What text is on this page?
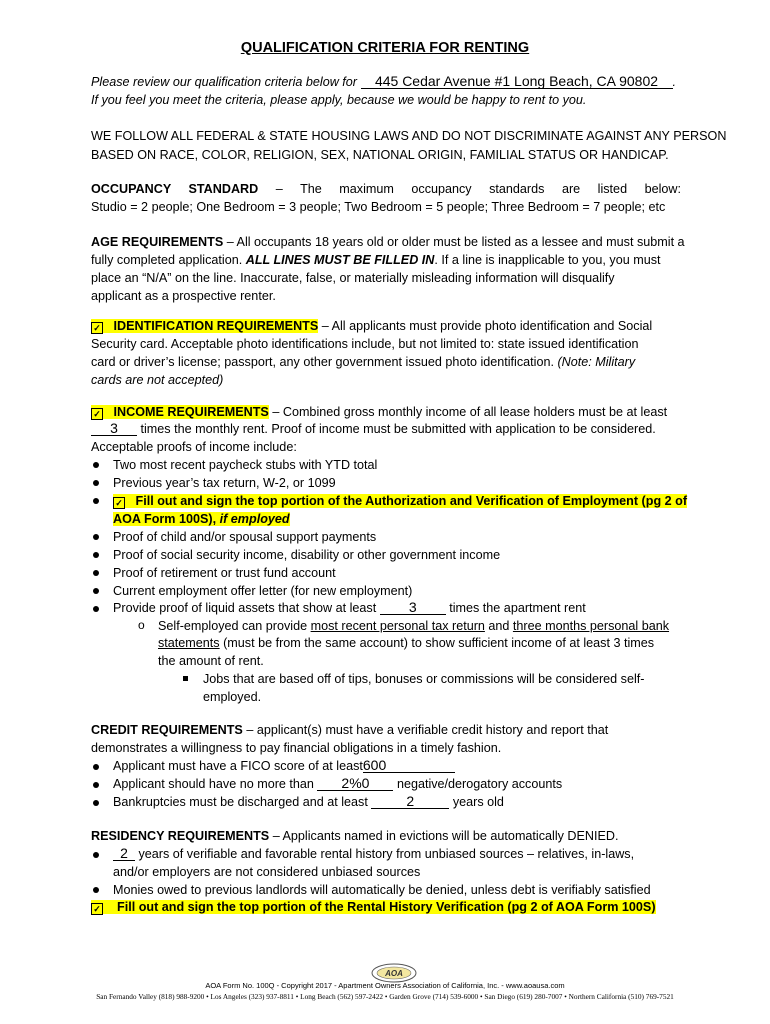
QUALIFICATION CRITERIA FOR RENTING
Please review our qualification criteria below for 445 Cedar Avenue #1 Long Beach, CA 90802 .
If you feel you meet the criteria, please apply, because we would be happy to rent to you.
WE FOLLOW ALL FEDERAL & STATE HOUSING LAWS AND DO NOT DISCRIMINATE AGAINST ANY PERSON
BASED ON RACE, COLOR, RELIGION, SEX, NATIONAL ORIGIN, FAMILIAL STATUS OR HANDICAP.
OCCUPANCY STANDARD – The maximum occupancy standards are listed below:
Studio = 2 people; One Bedroom = 3 people; Two Bedroom = 5 people; Three Bedroom = 7 people; etc
AGE REQUIREMENTS – All occupants 18 years old or older must be listed as a lessee and must submit a
fully completed application. ALL LINES MUST BE FILLED IN. If a line is inapplicable to you, you must
place an “N/A” on the line. Inaccurate, false, or materially misleading information will disqualify
applicant as a prospective renter.
✓ IDENTIFICATION REQUIREMENTS – All applicants must provide photo identification and Social
Security card. Acceptable photo identifications include, but not limited to: state issued identification
card or driver’s license; passport, any other government issued photo identification. (Note: Military
cards are not accepted)
✓ INCOME REQUIREMENTS – Combined gross monthly income of all lease holders must be at least
3 times the monthly rent. Proof of income must be submitted with application to be considered.
Acceptable proofs of income include:
Two most recent paycheck stubs with YTD total
Previous year’s tax return, W-2, or 1099
✓ Fill out and sign the top portion of the Authorization and Verification of Employment (pg 2 of
AOA Form 100S), if employed
Proof of child and/or spousal support payments
Proof of social security income, disability or other government income
Proof of retirement or trust fund account
Current employment offer letter (for new employment)
Provide proof of liquid assets that show at least 3	times the apartment rent
o Self-employed can provide most recent personal tax return and three months personal bank
statements (must be from the same account) to show sufficient income of at least 3 times
the amount of rent.
Jobs that are based off of tips, bonuses or commissions will be considered self-
employed.
CREDIT REQUIREMENTS – applicant(s) must have a verifiable credit history and report that
demonstrates a willingness to pay financial obligations in a timely fashion.
Applicant must have a FICO score of at least600
Applicant should have no more than 2%0 negative/derogatory accounts
Bankruptcies must be discharged and at least	2	years old
RESIDENCY REQUIREMENTS – Applicants named in evictions will be automatically DENIED.
2 years of verifiable and favorable rental history from unbiased sources – relatives, in-laws,
and/or employers are not considered unbiased sources
Monies owed to previous landlords will automatically be denied, unless debt is verifiably satisfied
✓ Fill out and sign the top portion of the Rental History Verification (pg 2 of AOA Form 100S)
AOA
AOA Form No. 100Q - Copyright 2017 - Apartment Owners Association of California, Inc. - www.aoausa.com
San Fernando Valley (818) 988-9200 • Los Angeles (323) 937-8811 • Long Beach (562) 597-2422 • Garden Grove (714) 539-6000 • San Diego (619) 280-7007 • Northern California (510) 769-7521
